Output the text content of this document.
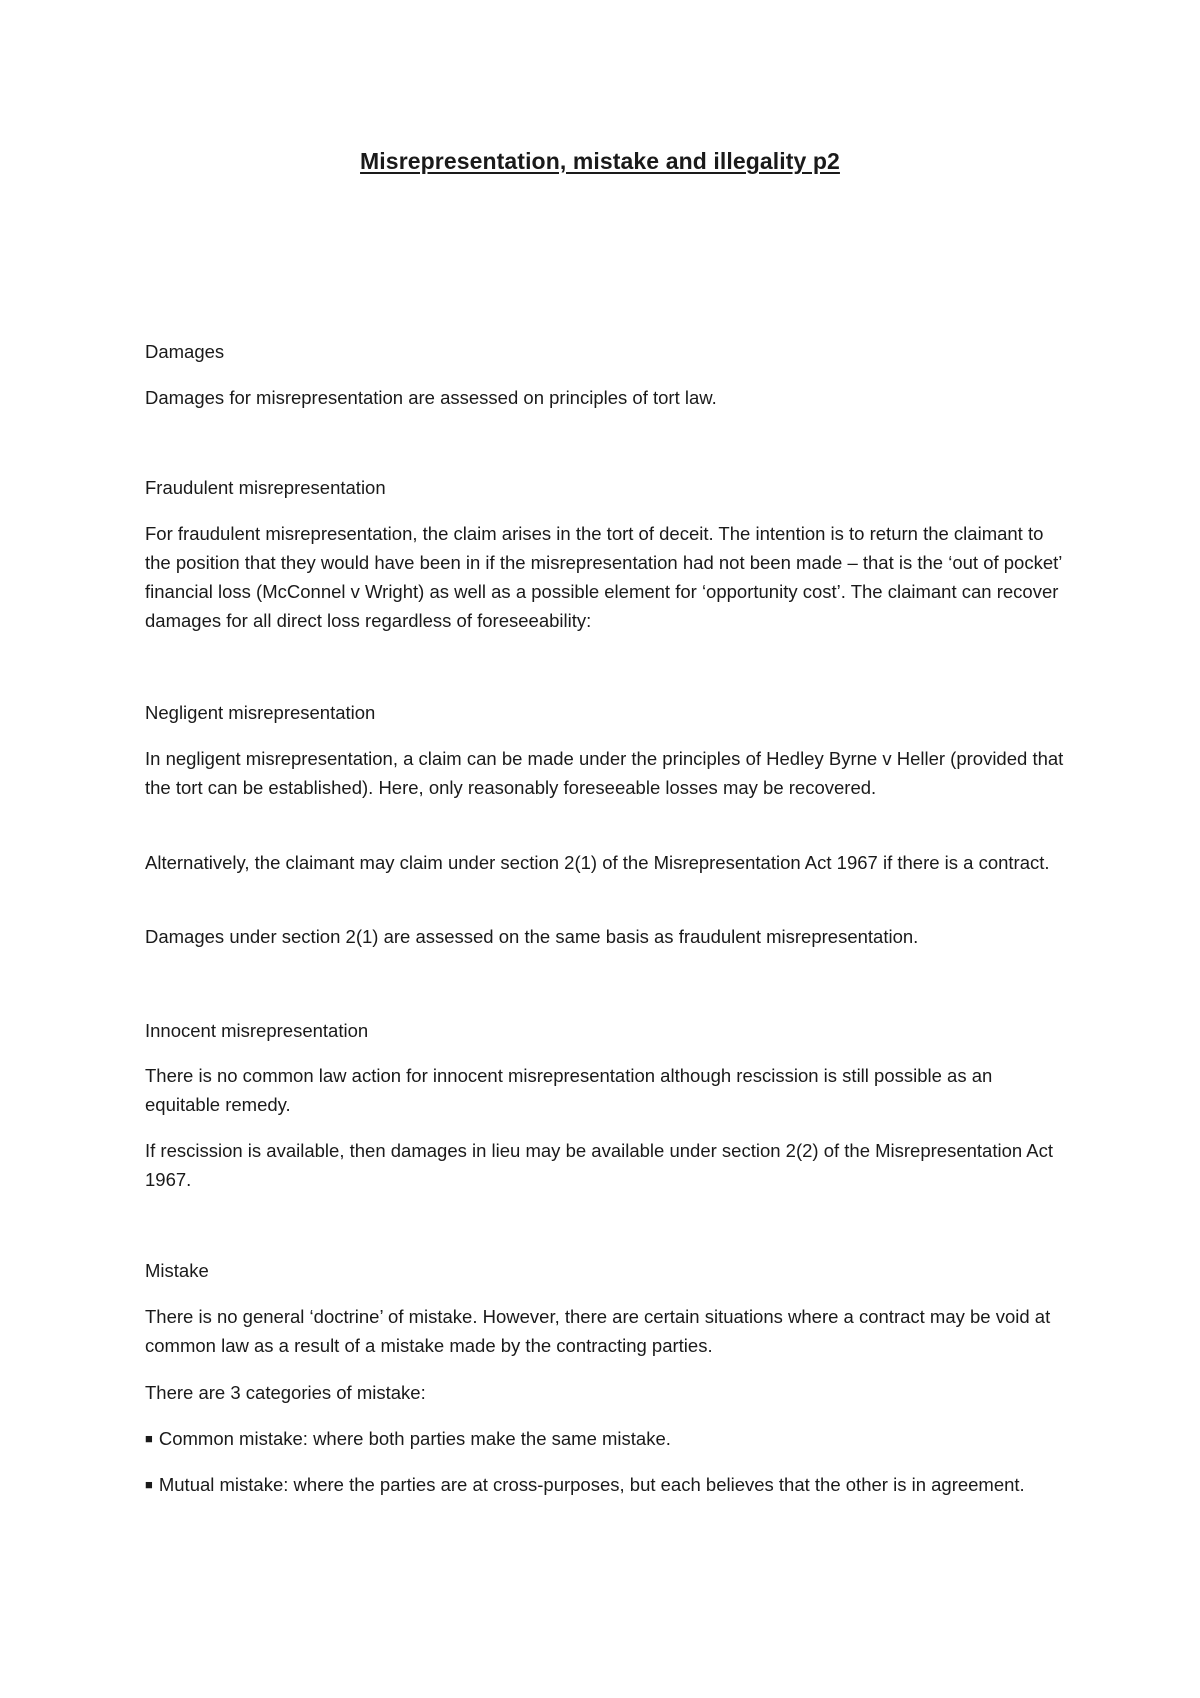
Misrepresentation, mistake and illegality p2

Damages

Damages for misrepresentation are assessed on principles of tort law.

Fraudulent misrepresentation

For fraudulent misrepresentation, the claim arises in the tort of deceit. The intention is to return the claimant to the position that they would have been in if the misrepresentation had not been made – that is the ‘out of pocket’ financial loss (McConnel v Wright) as well as a possible element for ‘opportunity cost’. The claimant can recover damages for all direct loss regardless of foreseeability:

Negligent misrepresentation

In negligent misrepresentation, a claim can be made under the principles of Hedley Byrne v Heller (provided that the tort can be established). Here, only reasonably foreseeable losses may be recovered.

Alternatively, the claimant may claim under section 2(1) of the Misrepresentation Act 1967 if there is a contract.

Damages under section 2(1) are assessed on the same basis as fraudulent misrepresentation.

Innocent misrepresentation

There is no common law action for innocent misrepresentation although rescission is still possible as an equitable remedy.

If rescission is available, then damages in lieu may be available under section 2(2) of the Misrepresentation Act 1967.

Mistake

There is no general ‘doctrine’ of mistake. However, there are certain situations where a contract may be void at common law as a result of a mistake made by the contracting parties.

There are 3 categories of mistake:

■ Common mistake: where both parties make the same mistake.

■ Mutual mistake: where the parties are at cross-purposes, but each believes that the other is in agreement.
